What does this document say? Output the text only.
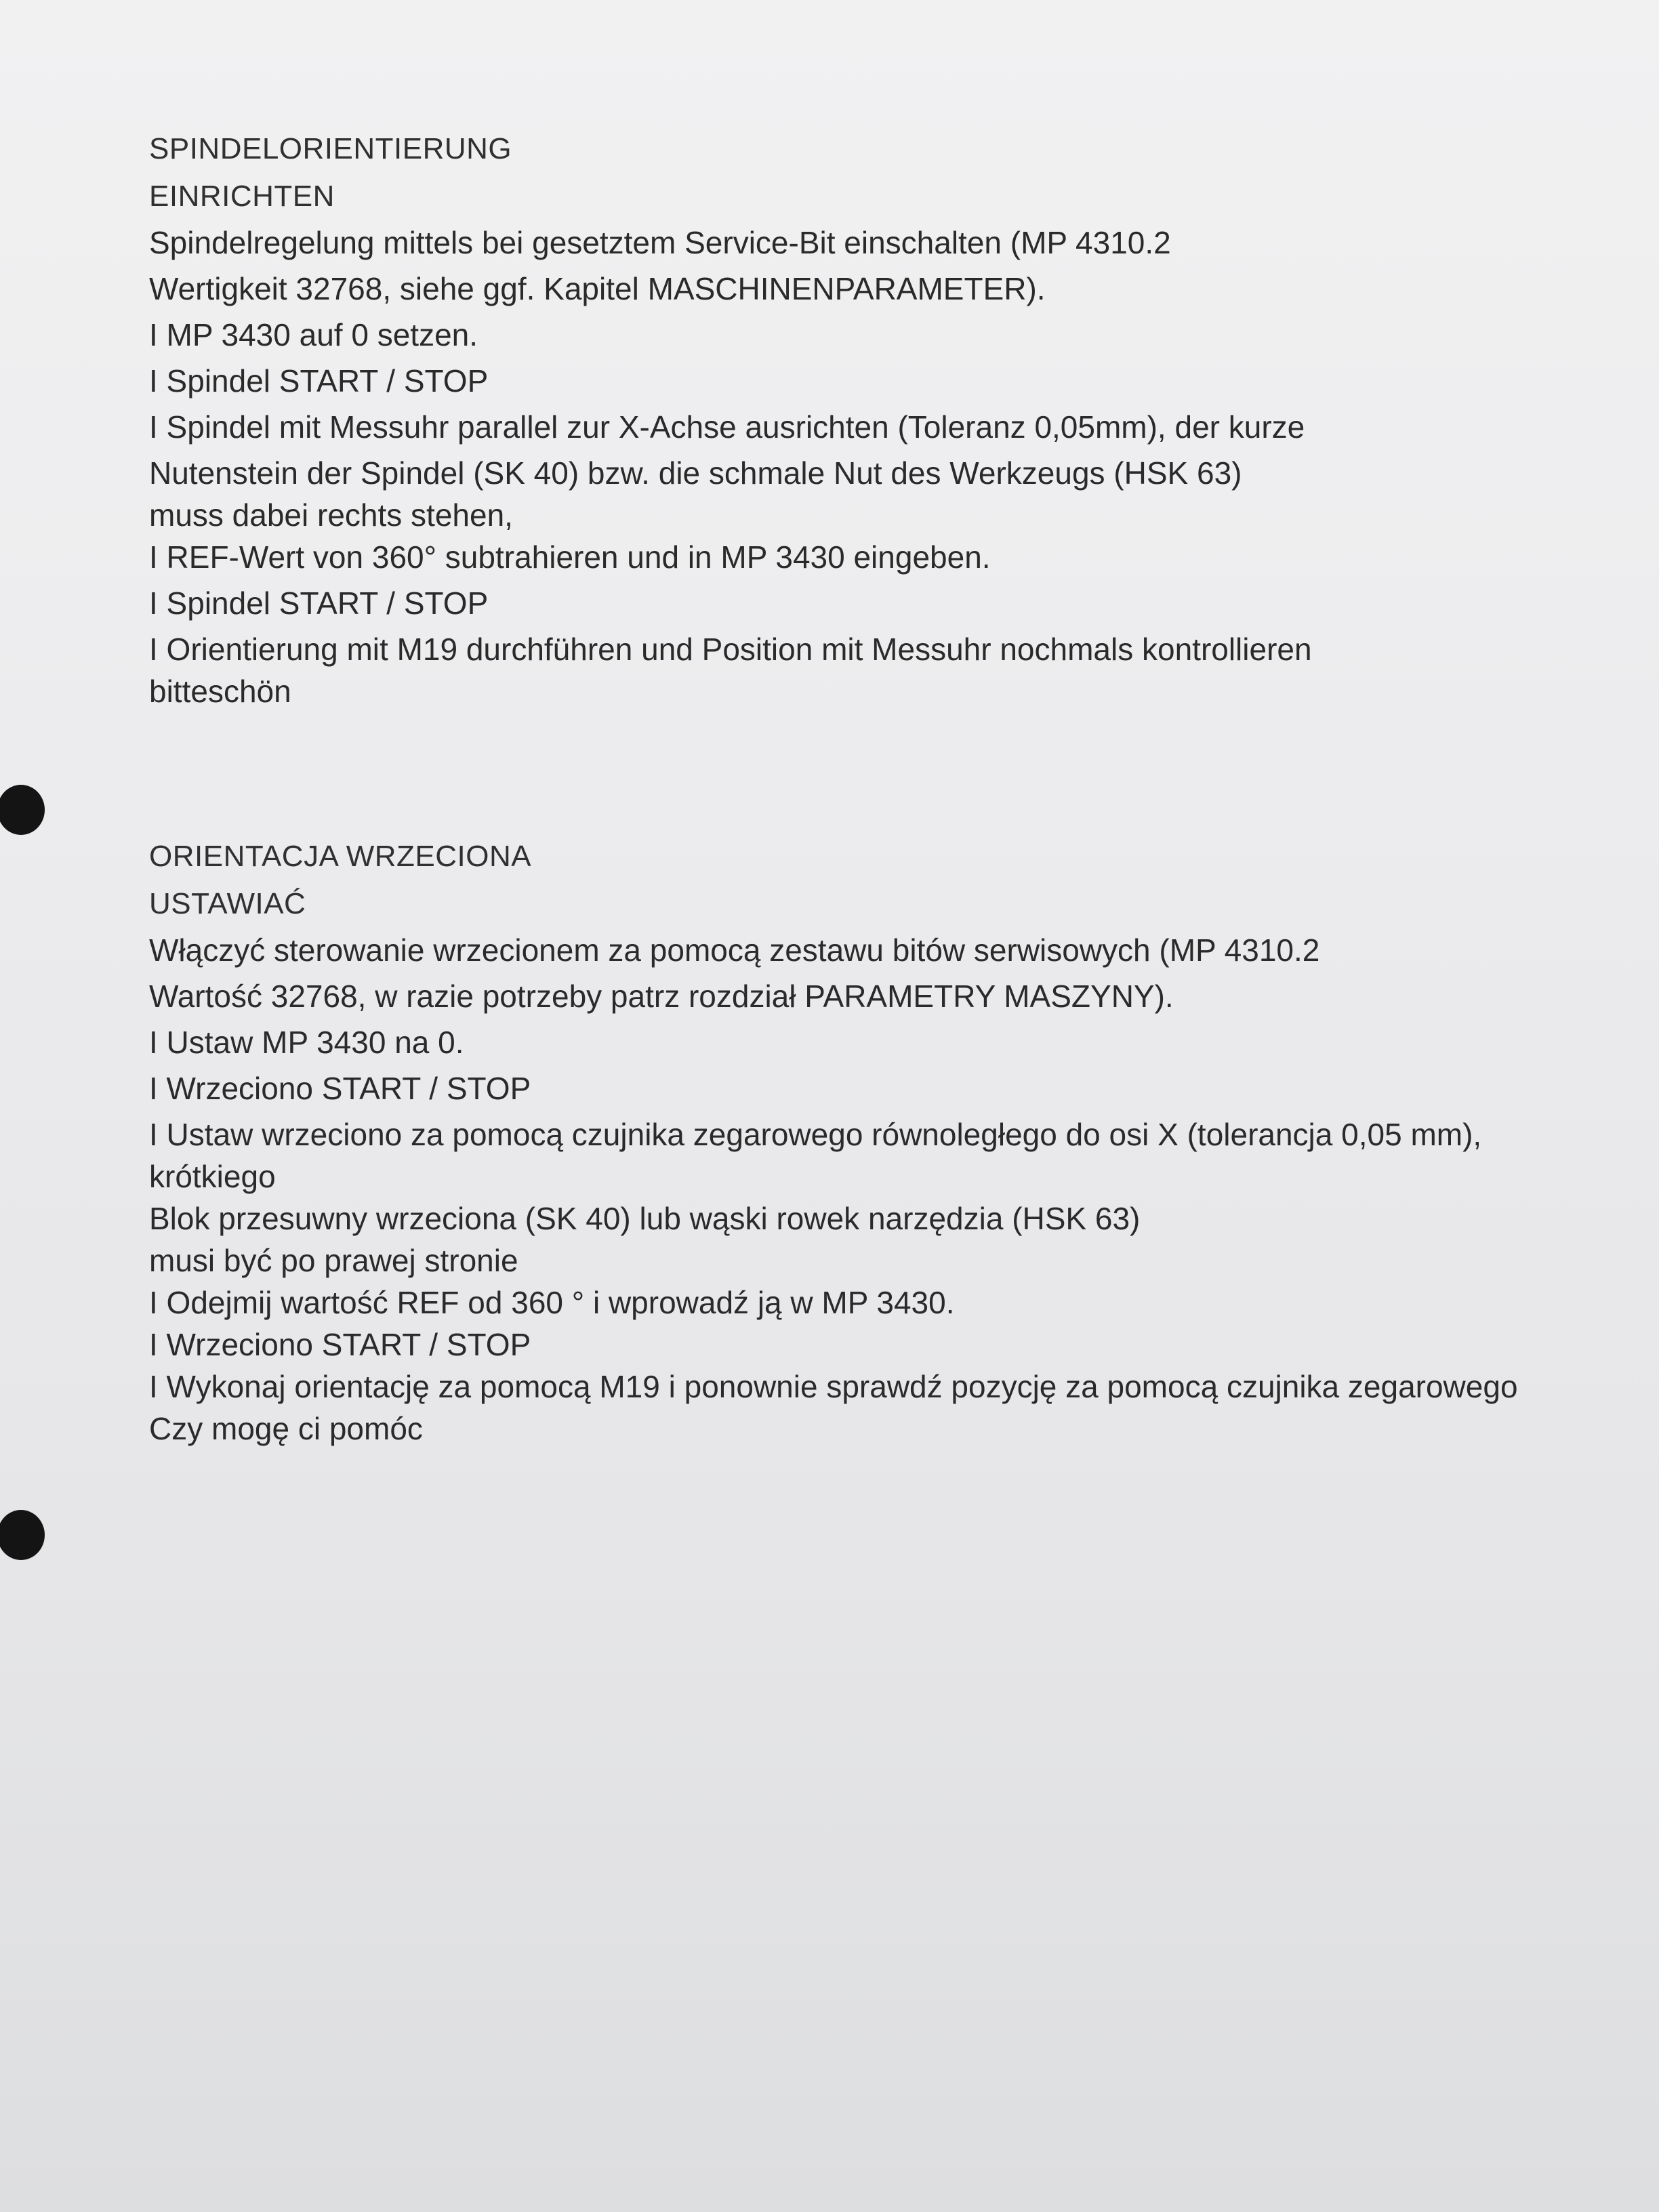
SPINDELORIENTIERUNG

EINRICHTEN

Spindelregelung mittels bei gesetztem Service-Bit einschalten (MP 4310.2

Wertigkeit 32768, siehe ggf. Kapitel MASCHINENPARAMETER).

I MP 3430 auf 0 setzen.

I Spindel START / STOP

I Spindel mit Messuhr parallel zur X-Achse ausrichten (Toleranz 0,05mm), der kurze

Nutenstein der Spindel (SK 40) bzw. die schmale Nut des Werkzeugs (HSK 63)

muss dabei rechts stehen,

I REF-Wert von 360° subtrahieren und in MP 3430 eingeben.

I Spindel START / STOP

I Orientierung mit M19 durchführen und Position mit Messuhr nochmals kontrollieren

bitteschön

ORIENTACJA WRZECIONA

USTAWIAĆ

Włączyć sterowanie wrzecionem za pomocą zestawu bitów serwisowych (MP 4310.2

Wartość 32768, w razie potrzeby patrz rozdział PARAMETRY MASZYNY).

I Ustaw MP 3430 na 0.

I Wrzeciono START / STOP

I Ustaw wrzeciono za pomocą czujnika zegarowego równoległego do osi X (tolerancja 0,05 mm),

krótkiego

Blok przesuwny wrzeciona (SK 40) lub wąski rowek narzędzia (HSK 63)

musi być po prawej stronie

I Odejmij wartość REF od 360 ° i wprowadź ją w MP 3430.

I Wrzeciono START / STOP

I Wykonaj orientację za pomocą M19 i ponownie sprawdź pozycję za pomocą czujnika zegarowego

Czy mogę ci pomóc
